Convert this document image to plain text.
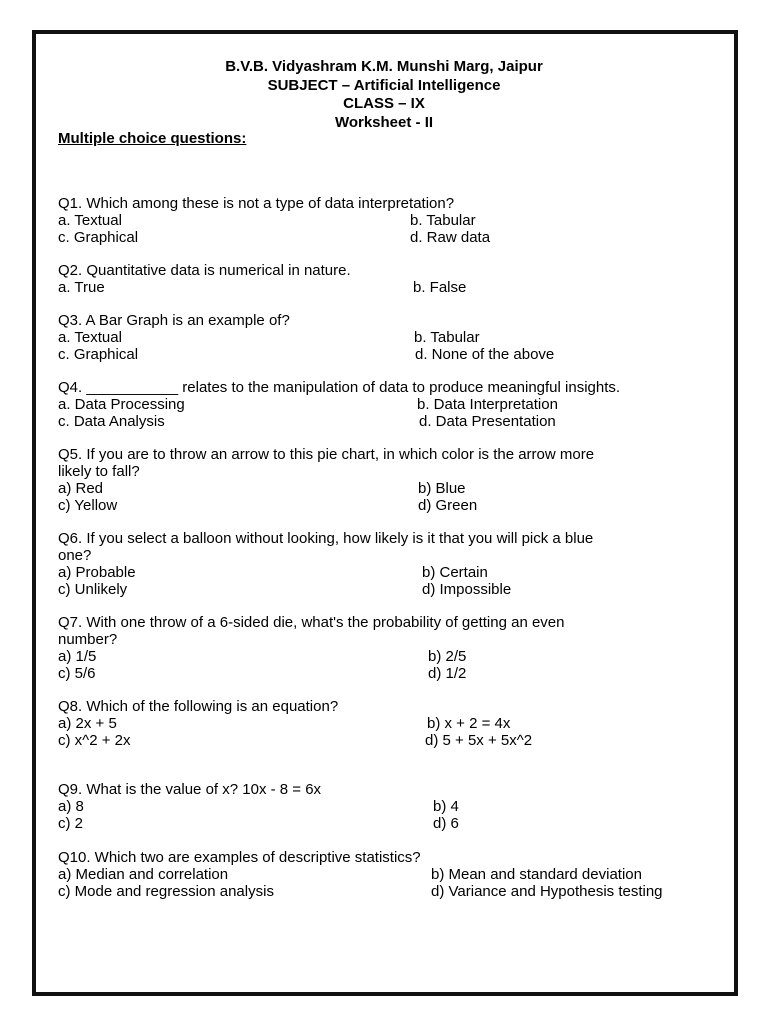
B.V.B. Vidyashram K.M. Munshi Marg, Jaipur
SUBJECT – Artificial Intelligence
CLASS – IX
Worksheet - II
Multiple choice questions:
Q1. Which among these is not a type of data interpretation?
a. Textual	b. Tabular
c. Graphical	d. Raw data
Q2. Quantitative data is numerical in nature.
a. True	b. False
Q3. A Bar Graph is an example of?
a. Textual	b. Tabular
c. Graphical	d. None of the above
Q4. ___________ relates to the manipulation of data to produce meaningful insights.
a. Data Processing	b. Data Interpretation
c. Data Analysis	d. Data Presentation
Q5. If you are to throw an arrow to this pie chart, in which color is the arrow more likely to fall?
a) Red	b) Blue
c) Yellow	d) Green
Q6. If you select a balloon without looking, how likely is it that you will pick a blue one?
a) Probable	b) Certain
c) Unlikely	d) Impossible
Q7. With one throw of a 6-sided die, what's the probability of getting an even number?
a) 1/5	b) 2/5
c) 5/6	d) 1/2
Q8. Which of the following is an equation?
a) 2x + 5	b) x + 2 = 4x
c) x^2 + 2x	d) 5 + 5x + 5x^2
Q9. What is the value of x? 10x - 8 = 6x
a) 8	b) 4
c) 2	d) 6
Q10. Which two are examples of descriptive statistics?
a) Median and correlation	b) Mean and standard deviation
c) Mode and regression analysis	d) Variance and Hypothesis testing
